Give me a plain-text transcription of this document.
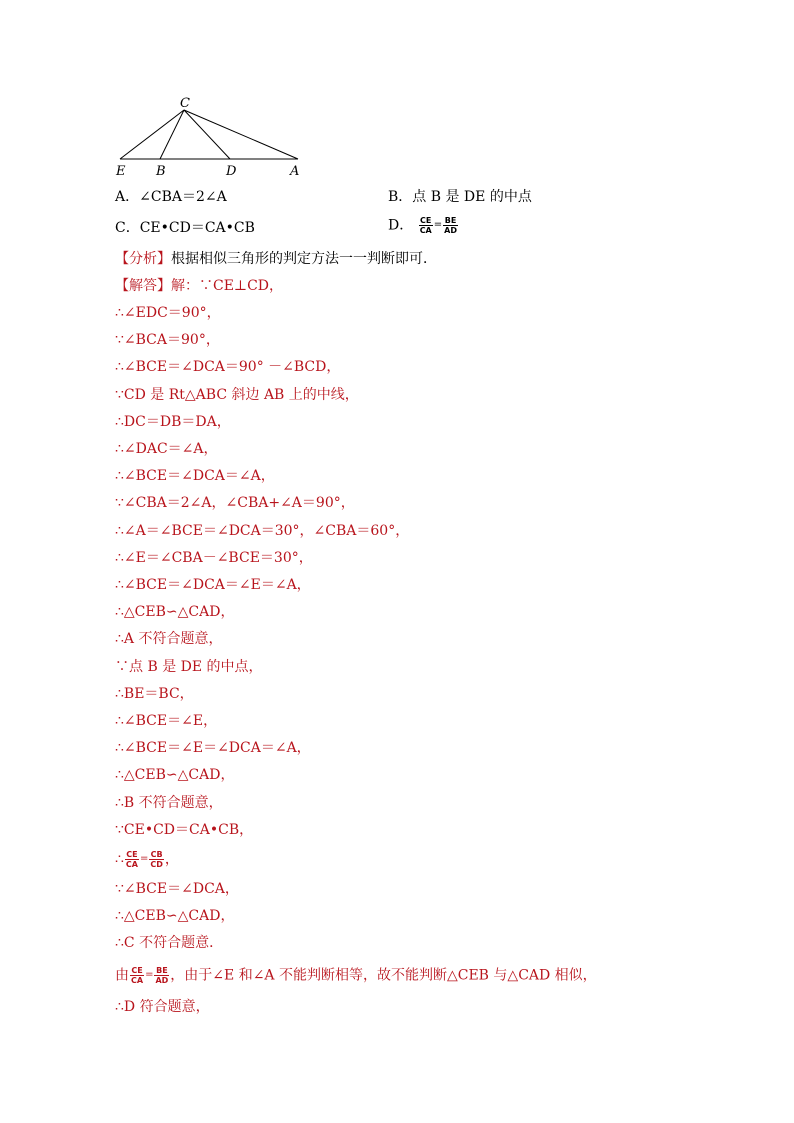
C
E B	D	A
A．∠CBA＝2∠A	B．点 B 是 DE 的中点
C．CE•CD＝CA•CB	D． $\frac{CE}{CA} = \frac{BE}{AD}$
【分析】根据相似三角形的判定方法一一判断即可．
【解答】解：∵CE⊥CD，
∴∠EDC＝90°，
∵∠BCA＝90°，
∴∠BCE＝∠DCA＝90° －∠BCD，
∵CD 是 Rt△ABC 斜边 AB 上的中线，
∴DC＝DB＝DA，
∴∠DAC＝∠A，
∴∠BCE＝∠DCA＝∠A，
∵∠CBA＝2∠A，∠CBA+∠A＝90°，
∴∠A＝∠BCE＝∠DCA＝30°，∠CBA＝60°，
∴∠E＝∠CBA－∠BCE＝30°，
∴∠BCE＝∠DCA＝∠E＝∠A，
∴△CEB∽△CAD，
∴A 不符合题意，
∵点 B 是 DE 的中点，
∴BE＝BC，
∴∠BCE＝∠E，
∴∠BCE＝∠E＝∠DCA＝∠A，
∴△CEB∽△CAD，
∴B 不符合题意，
∵CE•CD＝CA•CB，
∴ $\frac{CE}{CA} = \frac{CB}{CD}$ ，
∵∠BCE＝∠DCA，
∴△CEB∽△CAD，
∴C 不符合题意．
由 $\frac{CE}{CA} = \frac{BE}{AD}$ ，由于∠E 和∠A 不能判断相等，故不能判断△CEB 与△CAD 相似，
∴D 符合题意，
